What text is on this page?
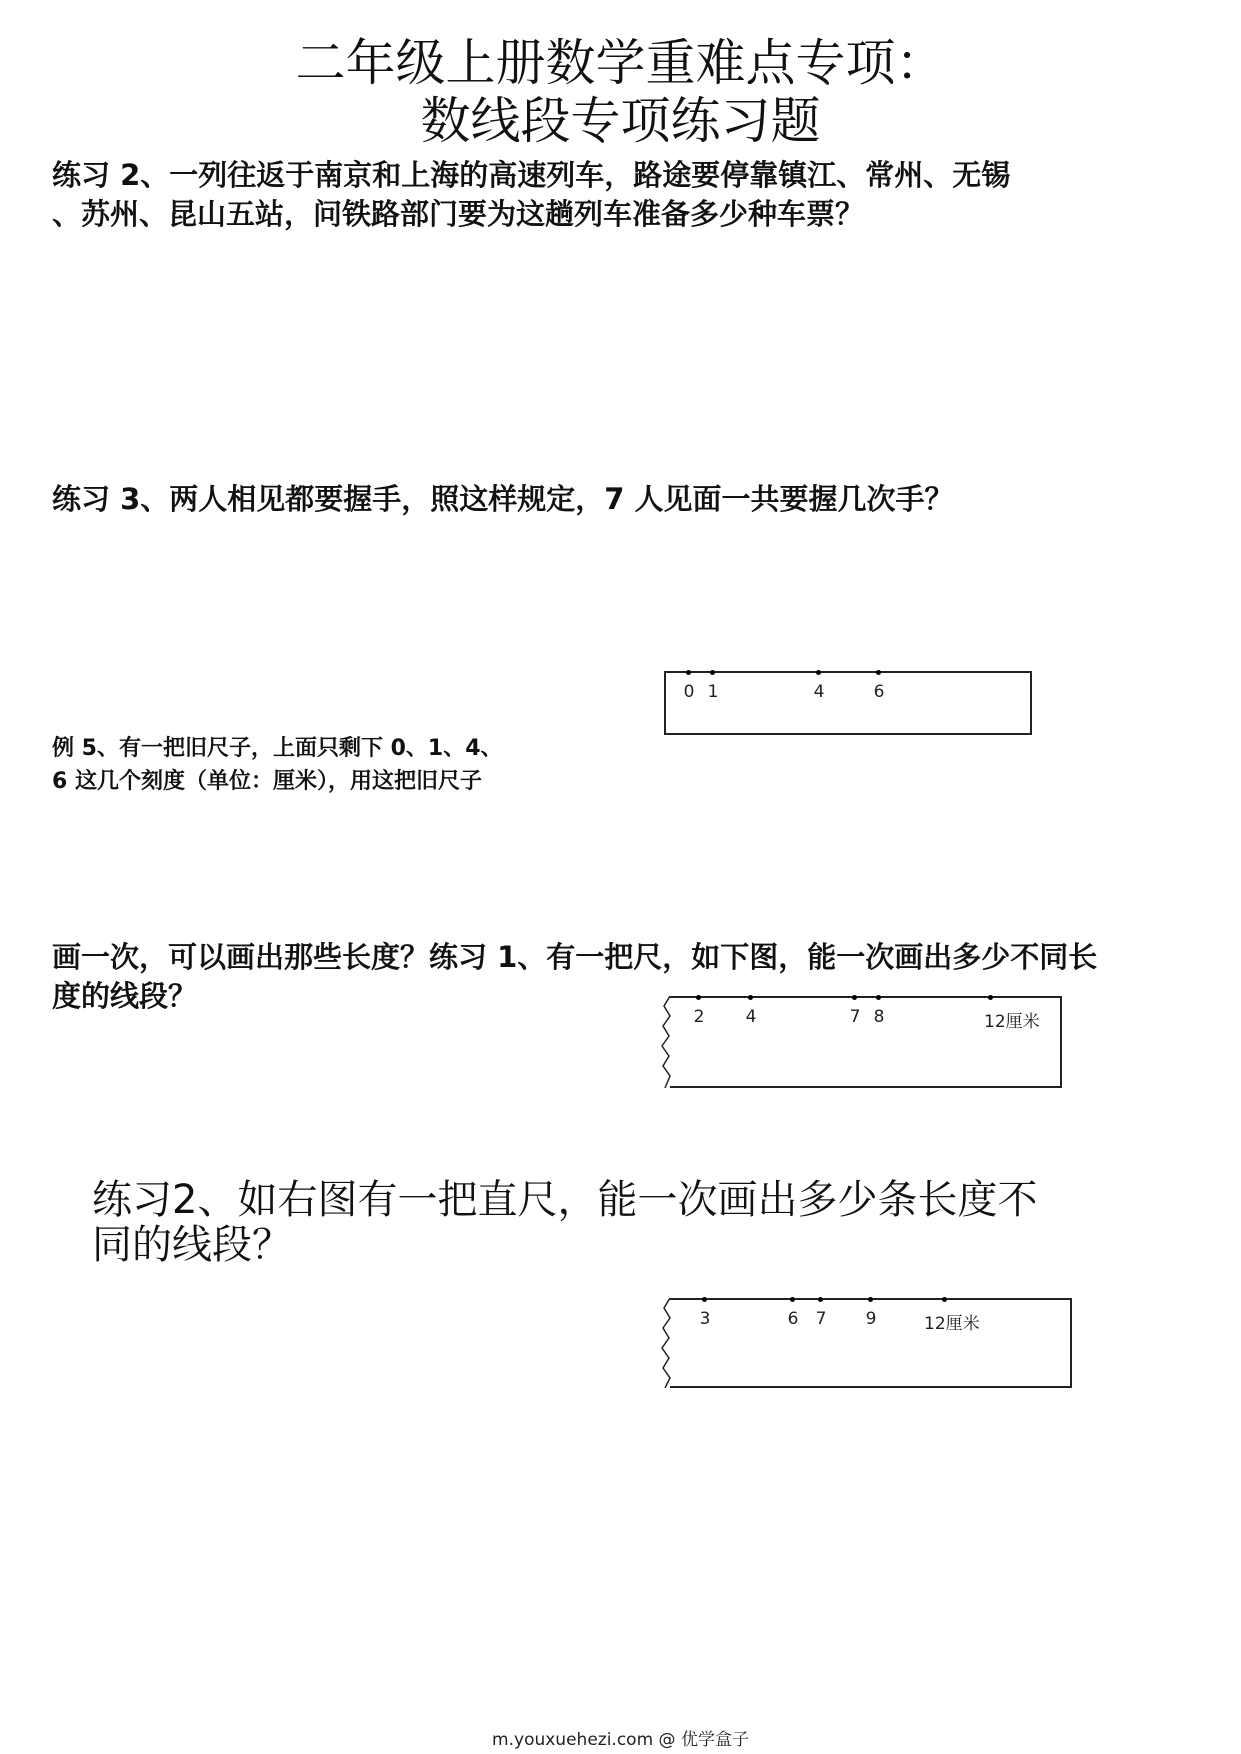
二年级上册数学重难点专项：
数线段专项练习题
练习 2、一列往返于南京和上海的高速列车，路途要停靠镇江、常州、无锡
、苏州、昆山五站，问铁路部门要为这趟列车准备多少种车票？
练习 3、两人相见都要握手，照这样规定，7 人见面一共要握几次手？
0 1	4	6
例 5、有一把旧尺子，上面只剩下 0、1、4、
6 这几个刻度（单位：厘米），用这把旧尺子
画一次，可以画出那些长度？练习 1、有一把尺，如下图，能一次画出多少不同长
度的线段？
2 4	7 8	12厘米
练习2、如右图有一把直尺，能一次画出多少条长度不
同的线段？
3	6 7 9	12厘米
m.youxuehezi.com @ 优学盒子
